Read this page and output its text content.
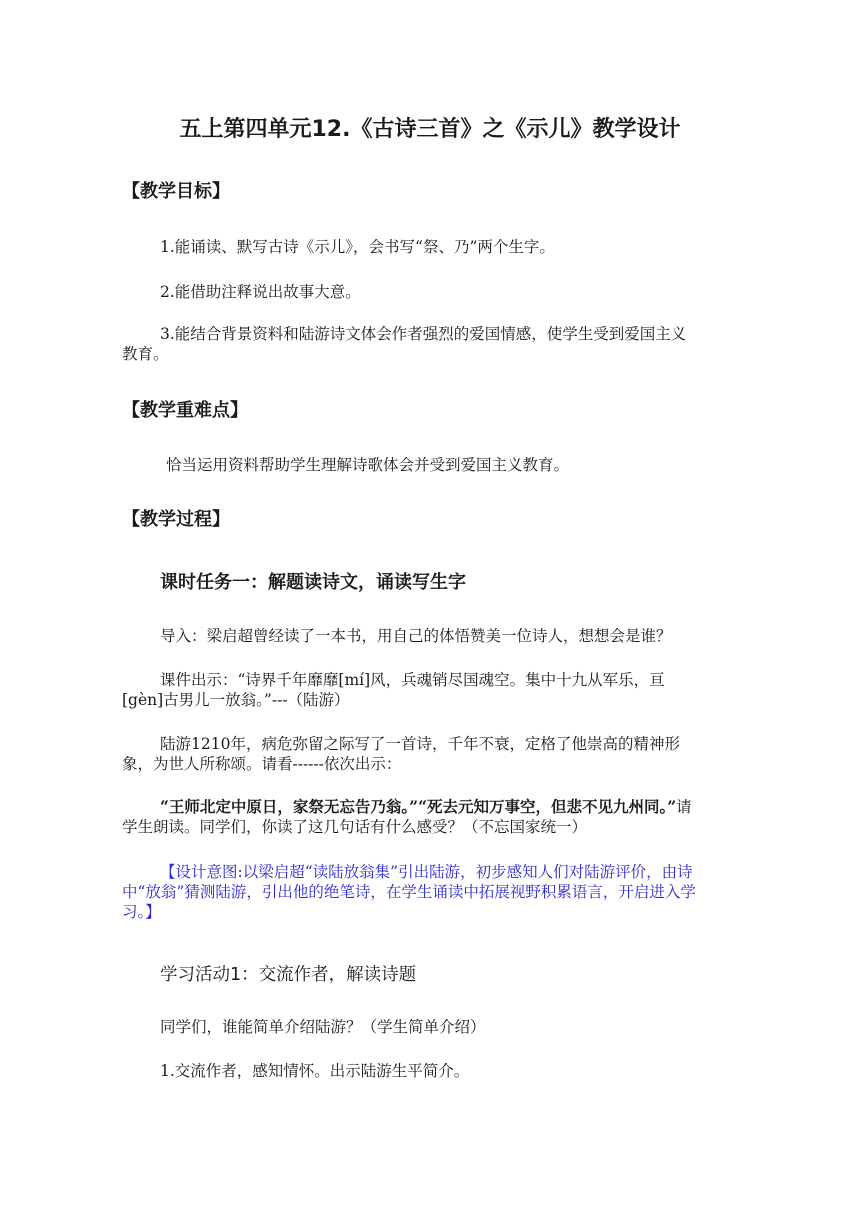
五上第四单元12.《古诗三首》之《示儿》教学设计
【教学目标】
1.能诵读、默写古诗《示儿》，会书写“祭、乃”两个生字。
2.能借助注释说出故事大意。
3.能结合背景资料和陆游诗文体会作者强烈的爱国情感，使学生受到爱国主义教育。
【教学重难点】
恰当运用资料帮助学生理解诗歌体会并受到爱国主义教育。
【教学过程】
课时任务一：解题读诗文，诵读写生字
导入：梁启超曾经读了一本书，用自己的体悟赞美一位诗人，想想会是谁？
课件出示：“诗界千年靡靡[mí]风，兵魂销尽国魂空。集中十九从军乐，亘[gèn]古男儿一放翁。”---（陆游）
陆游1210年，病危弥留之际写了一首诗，千年不衰，定格了他崇高的精神形象，为世人所称颂。请看------依次出示：
“王师北定中原日，家祭无忘告乃翁。”“死去元知万事空，但悲不见九州同。”请学生朗读。同学们，你读了这几句话有什么感受？（不忘国家统一）
【设计意图:以梁启超“读陆放翁集”引出陆游，初步感知人们对陆游评价，由诗中“放翁”猜测陆游，引出他的绝笔诗，在学生诵读中拓展视野积累语言，开启进入学习。】
学习活动1：交流作者，解读诗题
同学们，谁能简单介绍陆游？（学生简单介绍）
1.交流作者，感知情怀。出示陆游生平简介。
